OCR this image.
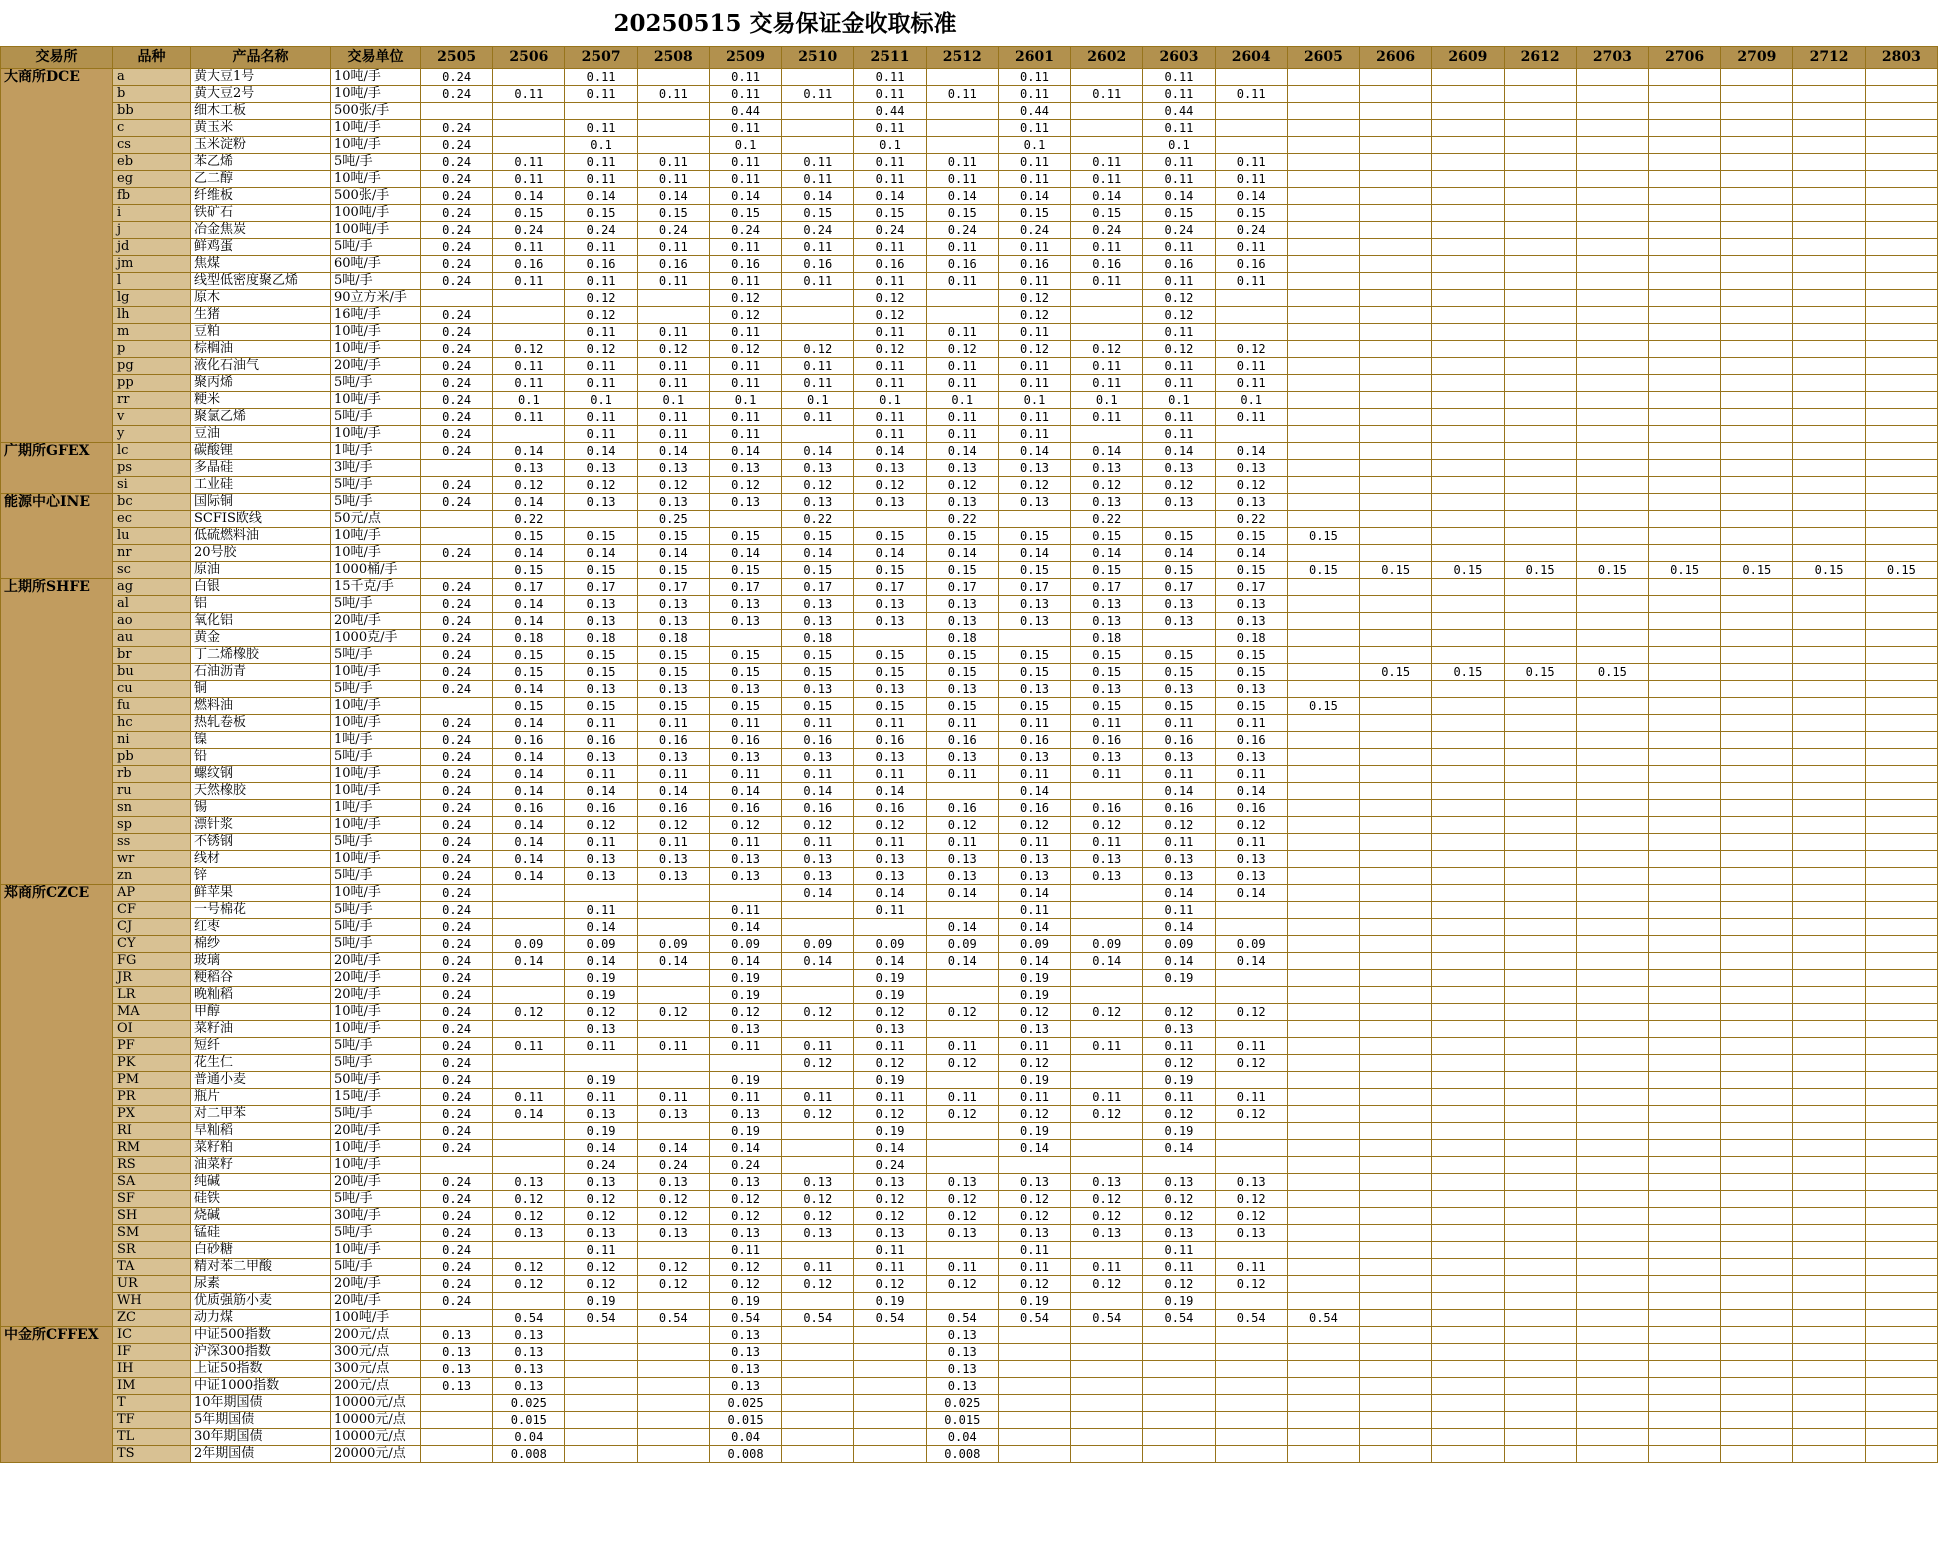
20250515 交易保证金收取标准
交易所	品种	产品名称	交易单位	2505	2506	2507	2508	2509	2510	2511	2512	2601	2602	2603	2604	2605	2606	2609	2612	2703	2706	2709	2712	2803
大商所DCE	a	黄大豆1号	10吨/手	0.24		0.11		0.11		0.11		0.11		0.11										
	b	黄大豆2号	10吨/手	0.24	0.11	0.11	0.11	0.11	0.11	0.11	0.11	0.11	0.11	0.11	0.11									
	bb	细木工板	500张/手					0.44		0.44		0.44		0.44										
	c	黄玉米	10吨/手	0.24		0.11		0.11		0.11		0.11		0.11										
	cs	玉米淀粉	10吨/手	0.24		0.1		0.1		0.1		0.1		0.1										
	eb	苯乙烯	5吨/手	0.24	0.11	0.11	0.11	0.11	0.11	0.11	0.11	0.11	0.11	0.11	0.11									
	eg	乙二醇	10吨/手	0.24	0.11	0.11	0.11	0.11	0.11	0.11	0.11	0.11	0.11	0.11	0.11									
	fb	纤维板	500张/手	0.24	0.14	0.14	0.14	0.14	0.14	0.14	0.14	0.14	0.14	0.14	0.14									
	i	铁矿石	100吨/手	0.24	0.15	0.15	0.15	0.15	0.15	0.15	0.15	0.15	0.15	0.15	0.15									
	j	冶金焦炭	100吨/手	0.24	0.24	0.24	0.24	0.24	0.24	0.24	0.24	0.24	0.24	0.24	0.24									
	jd	鲜鸡蛋	5吨/手	0.24	0.11	0.11	0.11	0.11	0.11	0.11	0.11	0.11	0.11	0.11	0.11									
	jm	焦煤	60吨/手	0.24	0.16	0.16	0.16	0.16	0.16	0.16	0.16	0.16	0.16	0.16	0.16									
	l	线型低密度聚乙烯	5吨/手	0.24	0.11	0.11	0.11	0.11	0.11	0.11	0.11	0.11	0.11	0.11	0.11									
	lg	原木	90立方米/手			0.12		0.12		0.12		0.12		0.12										
	lh	生猪	16吨/手	0.24		0.12		0.12		0.12		0.12		0.12										
	m	豆粕	10吨/手	0.24		0.11	0.11	0.11		0.11	0.11	0.11		0.11										
	p	棕榈油	10吨/手	0.24	0.12	0.12	0.12	0.12	0.12	0.12	0.12	0.12	0.12	0.12	0.12									
	pg	液化石油气	20吨/手	0.24	0.11	0.11	0.11	0.11	0.11	0.11	0.11	0.11	0.11	0.11	0.11									
	pp	聚丙烯	5吨/手	0.24	0.11	0.11	0.11	0.11	0.11	0.11	0.11	0.11	0.11	0.11	0.11									
	rr	粳米	10吨/手	0.24	0.1	0.1	0.1	0.1	0.1	0.1	0.1	0.1	0.1	0.1	0.1									
	v	聚氯乙烯	5吨/手	0.24	0.11	0.11	0.11	0.11	0.11	0.11	0.11	0.11	0.11	0.11	0.11									
	y	豆油	10吨/手	0.24		0.11	0.11	0.11		0.11	0.11	0.11		0.11										
广期所GFEX	lc	碳酸锂	1吨/手	0.24	0.14	0.14	0.14	0.14	0.14	0.14	0.14	0.14	0.14	0.14	0.14									
	ps	多晶硅	3吨/手		0.13	0.13	0.13	0.13	0.13	0.13	0.13	0.13	0.13	0.13	0.13									
	si	工业硅	5吨/手	0.24	0.12	0.12	0.12	0.12	0.12	0.12	0.12	0.12	0.12	0.12	0.12									
能源中心INE	bc	国际铜	5吨/手	0.24	0.14	0.13	0.13	0.13	0.13	0.13	0.13	0.13	0.13	0.13	0.13									
	ec	SCFIS欧线	50元/点		0.22		0.25		0.22		0.22		0.22		0.22									
	lu	低硫燃料油	10吨/手		0.15	0.15	0.15	0.15	0.15	0.15	0.15	0.15	0.15	0.15	0.15	0.15								
	nr	20号胶	10吨/手	0.24	0.14	0.14	0.14	0.14	0.14	0.14	0.14	0.14	0.14	0.14	0.14									
	sc	原油	1000桶/手		0.15	0.15	0.15	0.15	0.15	0.15	0.15	0.15	0.15	0.15	0.15	0.15	0.15	0.15	0.15	0.15	0.15	0.15	0.15	0.15
上期所SHFE	ag	白银	15千克/手	0.24	0.17	0.17	0.17	0.17	0.17	0.17	0.17	0.17	0.17	0.17	0.17									
	al	铝	5吨/手	0.24	0.14	0.13	0.13	0.13	0.13	0.13	0.13	0.13	0.13	0.13	0.13									
	ao	氧化铝	20吨/手	0.24	0.14	0.13	0.13	0.13	0.13	0.13	0.13	0.13	0.13	0.13	0.13									
	au	黄金	1000克/手	0.24	0.18	0.18	0.18		0.18		0.18		0.18		0.18									
	br	丁二烯橡胶	5吨/手	0.24	0.15	0.15	0.15	0.15	0.15	0.15	0.15	0.15	0.15	0.15	0.15									
	bu	石油沥青	10吨/手	0.24	0.15	0.15	0.15	0.15	0.15	0.15	0.15	0.15	0.15	0.15	0.15		0.15	0.15	0.15	0.15				
	cu	铜	5吨/手	0.24	0.14	0.13	0.13	0.13	0.13	0.13	0.13	0.13	0.13	0.13	0.13									
	fu	燃料油	10吨/手		0.15	0.15	0.15	0.15	0.15	0.15	0.15	0.15	0.15	0.15	0.15	0.15								
	hc	热轧卷板	10吨/手	0.24	0.14	0.11	0.11	0.11	0.11	0.11	0.11	0.11	0.11	0.11	0.11									
	ni	镍	1吨/手	0.24	0.16	0.16	0.16	0.16	0.16	0.16	0.16	0.16	0.16	0.16	0.16									
	pb	铅	5吨/手	0.24	0.14	0.13	0.13	0.13	0.13	0.13	0.13	0.13	0.13	0.13	0.13									
	rb	螺纹钢	10吨/手	0.24	0.14	0.11	0.11	0.11	0.11	0.11	0.11	0.11	0.11	0.11	0.11									
	ru	天然橡胶	10吨/手	0.24	0.14	0.14	0.14	0.14	0.14	0.14		0.14		0.14	0.14									
	sn	锡	1吨/手	0.24	0.16	0.16	0.16	0.16	0.16	0.16	0.16	0.16	0.16	0.16	0.16									
	sp	漂针浆	10吨/手	0.24	0.14	0.12	0.12	0.12	0.12	0.12	0.12	0.12	0.12	0.12	0.12									
	ss	不锈钢	5吨/手	0.24	0.14	0.11	0.11	0.11	0.11	0.11	0.11	0.11	0.11	0.11	0.11									
	wr	线材	10吨/手	0.24	0.14	0.13	0.13	0.13	0.13	0.13	0.13	0.13	0.13	0.13	0.13									
	zn	锌	5吨/手	0.24	0.14	0.13	0.13	0.13	0.13	0.13	0.13	0.13	0.13	0.13	0.13									
郑商所CZCE	AP	鲜苹果	10吨/手	0.24					0.14	0.14	0.14	0.14		0.14	0.14									
	CF	一号棉花	5吨/手	0.24		0.11		0.11		0.11		0.11		0.11										
	CJ	红枣	5吨/手	0.24		0.14		0.14			0.14	0.14		0.14										
	CY	棉纱	5吨/手	0.24	0.09	0.09	0.09	0.09	0.09	0.09	0.09	0.09	0.09	0.09	0.09									
	FG	玻璃	20吨/手	0.24	0.14	0.14	0.14	0.14	0.14	0.14	0.14	0.14	0.14	0.14	0.14									
	JR	粳稻谷	20吨/手	0.24		0.19		0.19		0.19		0.19		0.19										
	LR	晚籼稻	20吨/手	0.24		0.19		0.19		0.19		0.19												
	MA	甲醇	10吨/手	0.24	0.12	0.12	0.12	0.12	0.12	0.12	0.12	0.12	0.12	0.12	0.12									
	OI	菜籽油	10吨/手	0.24		0.13		0.13		0.13		0.13		0.13										
	PF	短纤	5吨/手	0.24	0.11	0.11	0.11	0.11	0.11	0.11	0.11	0.11	0.11	0.11	0.11									
	PK	花生仁	5吨/手	0.24					0.12	0.12	0.12	0.12		0.12	0.12									
	PM	普通小麦	50吨/手	0.24		0.19		0.19		0.19		0.19		0.19										
	PR	瓶片	15吨/手	0.24	0.11	0.11	0.11	0.11	0.11	0.11	0.11	0.11	0.11	0.11	0.11									
	PX	对二甲苯	5吨/手	0.24	0.14	0.13	0.13	0.13	0.12	0.12	0.12	0.12	0.12	0.12	0.12									
	RI	早籼稻	20吨/手	0.24		0.19		0.19		0.19		0.19		0.19										
	RM	菜籽粕	10吨/手	0.24		0.14	0.14	0.14		0.14		0.14		0.14										
	RS	油菜籽	10吨/手			0.24	0.24	0.24		0.24														
	SA	纯碱	20吨/手	0.24	0.13	0.13	0.13	0.13	0.13	0.13	0.13	0.13	0.13	0.13	0.13									
	SF	硅铁	5吨/手	0.24	0.12	0.12	0.12	0.12	0.12	0.12	0.12	0.12	0.12	0.12	0.12									
	SH	烧碱	30吨/手	0.24	0.12	0.12	0.12	0.12	0.12	0.12	0.12	0.12	0.12	0.12	0.12									
	SM	锰硅	5吨/手	0.24	0.13	0.13	0.13	0.13	0.13	0.13	0.13	0.13	0.13	0.13	0.13									
	SR	白砂糖	10吨/手	0.24		0.11		0.11		0.11		0.11		0.11										
	TA	精对苯二甲酸	5吨/手	0.24	0.12	0.12	0.12	0.12	0.11	0.11	0.11	0.11	0.11	0.11	0.11									
	UR	尿素	20吨/手	0.24	0.12	0.12	0.12	0.12	0.12	0.12	0.12	0.12	0.12	0.12	0.12									
	WH	优质强筋小麦	20吨/手	0.24		0.19		0.19		0.19		0.19		0.19										
	ZC	动力煤	100吨/手		0.54	0.54	0.54	0.54	0.54	0.54	0.54	0.54	0.54	0.54	0.54	0.54								
中金所CFFEX	IC	中证500指数	200元/点	0.13	0.13			0.13			0.13													
	IF	沪深300指数	300元/点	0.13	0.13			0.13			0.13													
	IH	上证50指数	300元/点	0.13	0.13			0.13			0.13													
	IM	中证1000指数	200元/点	0.13	0.13			0.13			0.13													
	T	10年期国债	10000元/点		0.025			0.025			0.025													
	TF	5年期国债	10000元/点		0.015			0.015			0.015													
	TL	30年期国债	10000元/点		0.04			0.04			0.04													
	TS	2年期国债	20000元/点		0.008			0.008			0.008													
